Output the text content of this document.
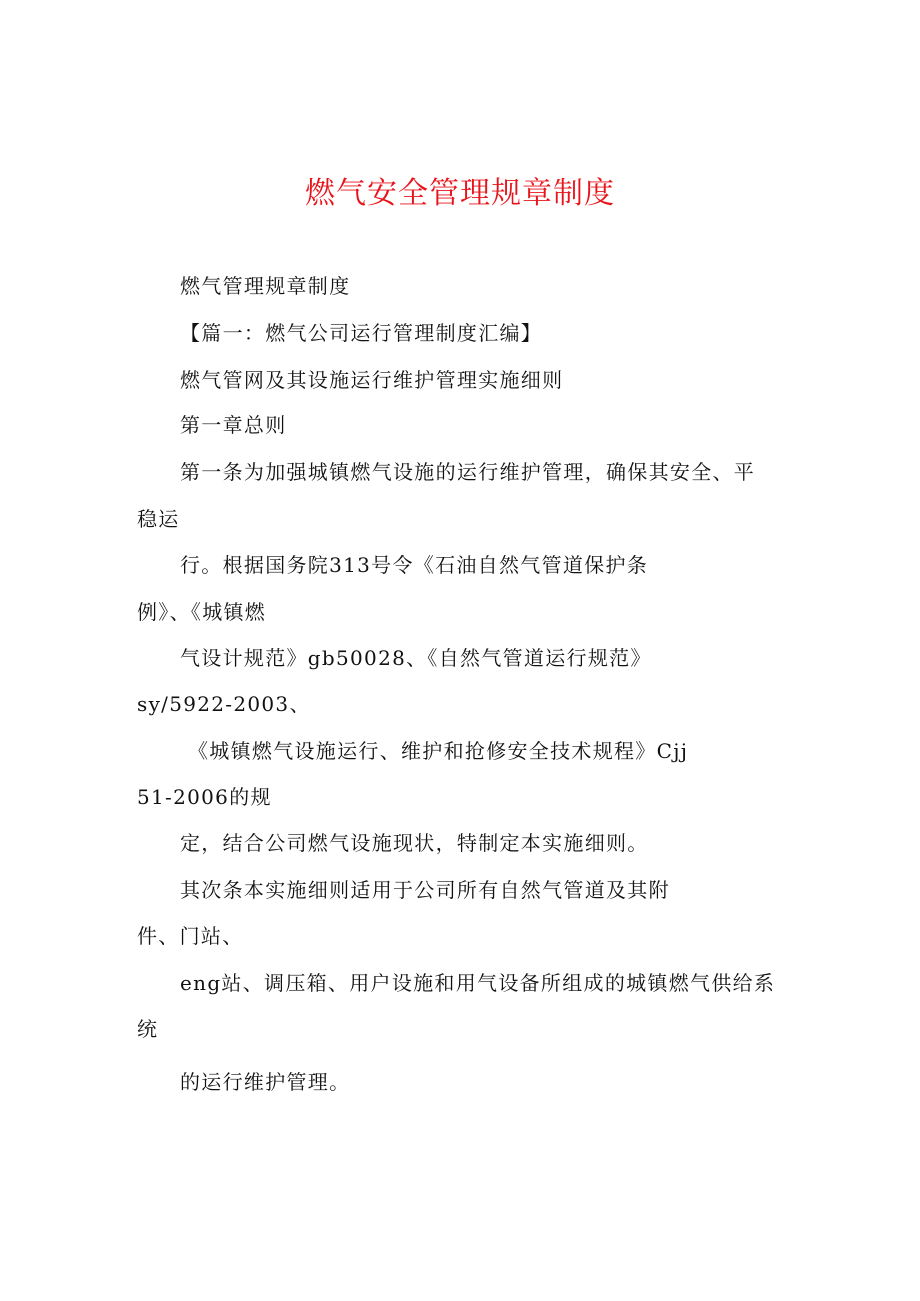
燃气安全管理规章制度
燃气管理规章制度
【篇一：燃气公司运行管理制度汇编】
燃气管网及其设施运行维护管理实施细则
第一章总则
第一条为加强城镇燃气设施的运行维护管理，确保其安全、平
稳运
行。根据国务院313号令《石油自然气管道保护条
例》、《城镇燃
气设计规范》gb50028、《自然气管道运行规范》
sy/5922-2003、
《城镇燃气设施运行、维护和抢修安全技术规程》Cjj
51-2006的规
定，结合公司燃气设施现状，特制定本实施细则。
其次条本实施细则适用于公司所有自然气管道及其附
件、门站、
eng站、调压箱、用户设施和用气设备所组成的城镇燃气供给系
统
的运行维护管理。
